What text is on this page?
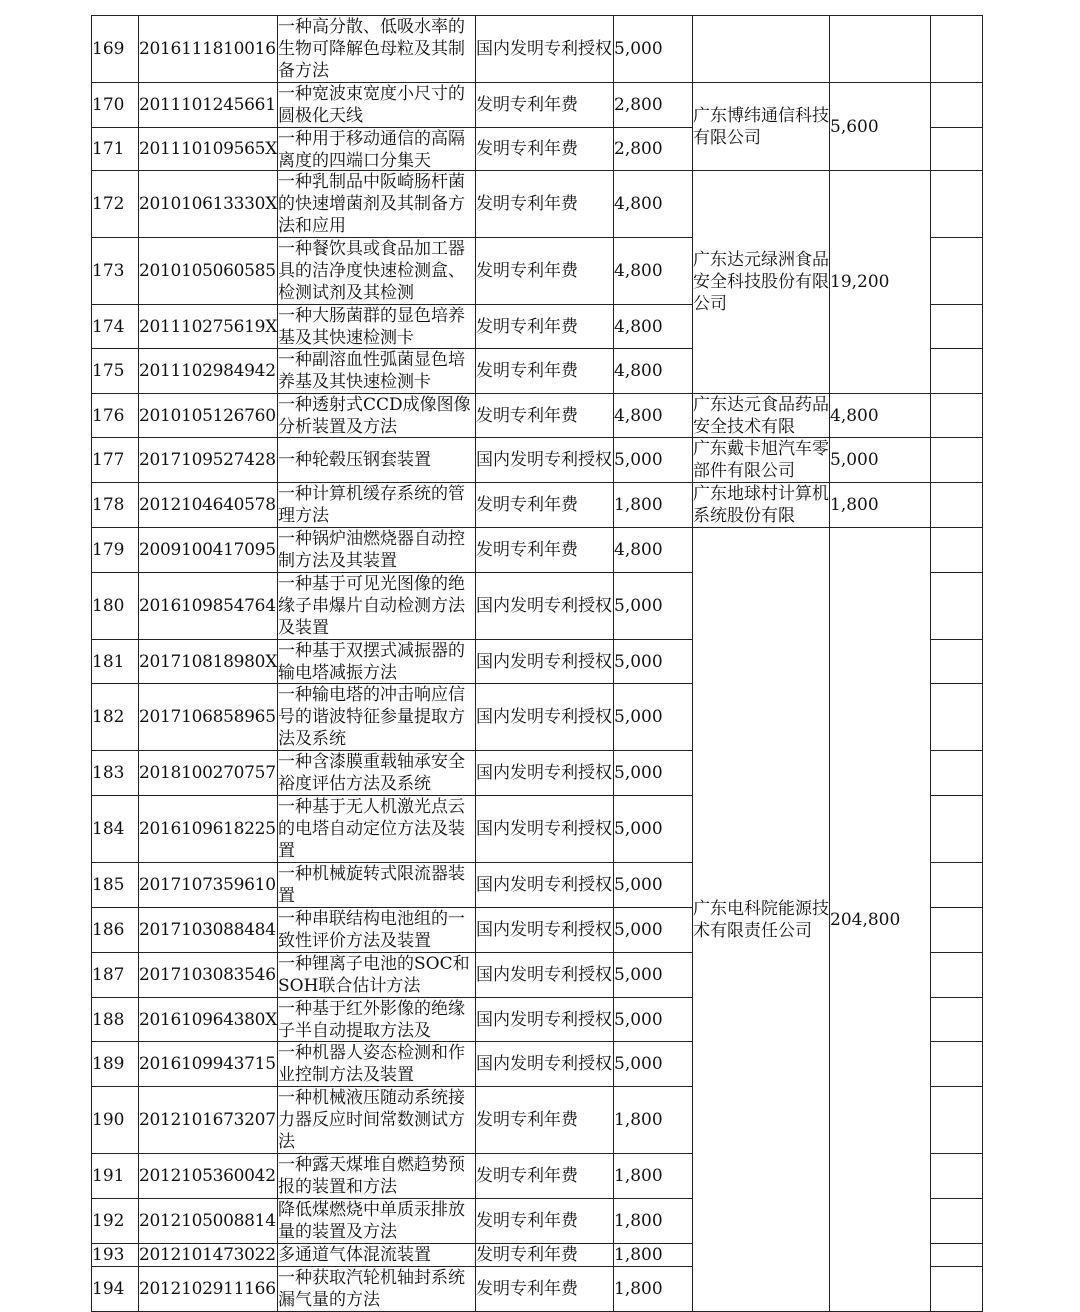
169	2016111810016	一种高分散、低吸水率的生物可降解色母粒及其制备方法	国内发明专利授权	5,000	

170	2011101245661	一种宽波束宽度小尺寸的圆极化天线	发明专利年费	2,800	广东博纬通信科技有限公司	5,600	
171	201110109565X	一种用于移动通信的高隔离度的四端口分集天	发明专利年费	2,800			
172	201010613330X	一种乳制品中阪崎肠杆菌的快速增菌剂及其制备方法和应用	发明专利年费	4,800	广东达元绿洲食品安全科技股份有限公司	19,200	
173	2010105060585	一种餐饮具或食品加工器具的洁净度快速检测盒、检测试剂及其检测	发明专利年费	4,800			
174	201110275619X	一种大肠菌群的显色培养基及其快速检测卡	发明专利年费	4,800			
175	2011102984942	一种副溶血性弧菌显色培养基及其快速检测卡	发明专利年费	4,800			
176	2010105126760	一种透射式CCD成像图像分析装置及方法	发明专利年费	4,800	广东达元食品药品安全技术有限	4,800	
177	2017109527428	一种轮毂压钢套装置	国内发明专利授权	5,000	广东戴卡旭汽车零部件有限公司	5,000	
178	2012104640578	一种计算机缓存系统的管理方法	发明专利年费	1,800	广东地球村计算机系统股份有限	1,800	
179	2009100417095	一种锅炉油燃烧器自动控制方法及其装置	发明专利年费	4,800	广东电科院能源技术有限责任公司	204,800	
180	2016109854764	一种基于可见光图像的绝缘子串爆片自动检测方法及装置	国内发明专利授权	5,000			
181	201710818980X	一种基于双摆式减振器的输电塔减振方法	国内发明专利授权	5,000			
182	2017106858965	一种输电塔的冲击响应信号的谐波特征参量提取方法及系统	国内发明专利授权	5,000			
183	2018100270757	一种含漆膜重载轴承安全裕度评估方法及系统	国内发明专利授权	5,000			
184	2016109618225	一种基于无人机激光点云的电塔自动定位方法及装置	国内发明专利授权	5,000			
185	2017107359610	一种机械旋转式限流器装置	国内发明专利授权	5,000			
186	2017103088484	一种串联结构电池组的一致性评价方法及装置	国内发明专利授权	5,000			
187	2017103083546	一种锂离子电池的SOC和SOH联合估计方法	国内发明专利授权	5,000			
188	201610964380X	一种基于红外影像的绝缘子半自动提取方法及	国内发明专利授权	5,000			
189	2016109943715	一种机器人姿态检测和作业控制方法及装置	国内发明专利授权	5,000			
190	2012101673207	一种机械液压随动系统接力器反应时间常数测试方法	发明专利年费	1,800			
191	2012105360042	一种露天煤堆自燃趋势预报的装置和方法	发明专利年费	1,800			
192	2012105008814	降低煤燃烧中单质汞排放量的装置及方法	发明专利年费	1,800			
193	2012101473022	多通道气体混流装置	发明专利年费	1,800			
194	2012102911166	一种获取汽轮机轴封系统漏气量的方法	发明专利年费	1,800			
